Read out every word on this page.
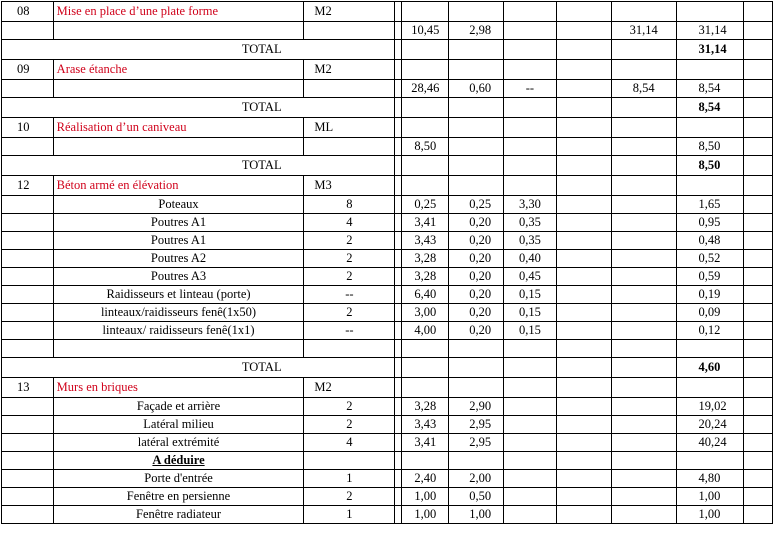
08	Mise en place d’une plate forme	M2								
				10,45	2,98			31,14	31,14	
TOTAL									31,14	
09	Arase étanche	M2								
				28,46	0,60	--		8,54	8,54	
TOTAL									8,54	
10	Réalisation d’un caniveau	ML								
				8,50					8,50	
TOTAL									8,50	
12	Béton armé en élévation	M3								
	Poteaux	8		0,25	0,25	3,30			1,65	
	Poutres A1	4		3,41	0,20	0,35			0,95	
	Poutres A1	2		3,43	0,20	0,35			0,48	
	Poutres A2	2		3,28	0,20	0,40			0,52	
	Poutres A3	2		3,28	0,20	0,45			0,59	
	Raidisseurs et linteau (porte)	--		6,40	0,20	0,15			0,19	
	linteaux/raidisseurs fenê(1x50)	2		3,00	0,20	0,15			0,09	
	linteaux/ raidisseurs fenê(1x1)	--		4,00	0,20	0,15			0,12	

TOTAL									4,60	
13	Murs en briques	M2								
	Façade et arrière	2		3,28	2,90				19,02	
	Latéral milieu	2		3,43	2,95				20,24	
	latéral extrémité	4		3,41	2,95				40,24	
	A déduire									
	Porte d'entrée	1		2,40	2,00				4,80	
	Fenêtre en persienne	2		1,00	0,50				1,00	
	Fenêtre radiateur	1		1,00	1,00				1,00	
